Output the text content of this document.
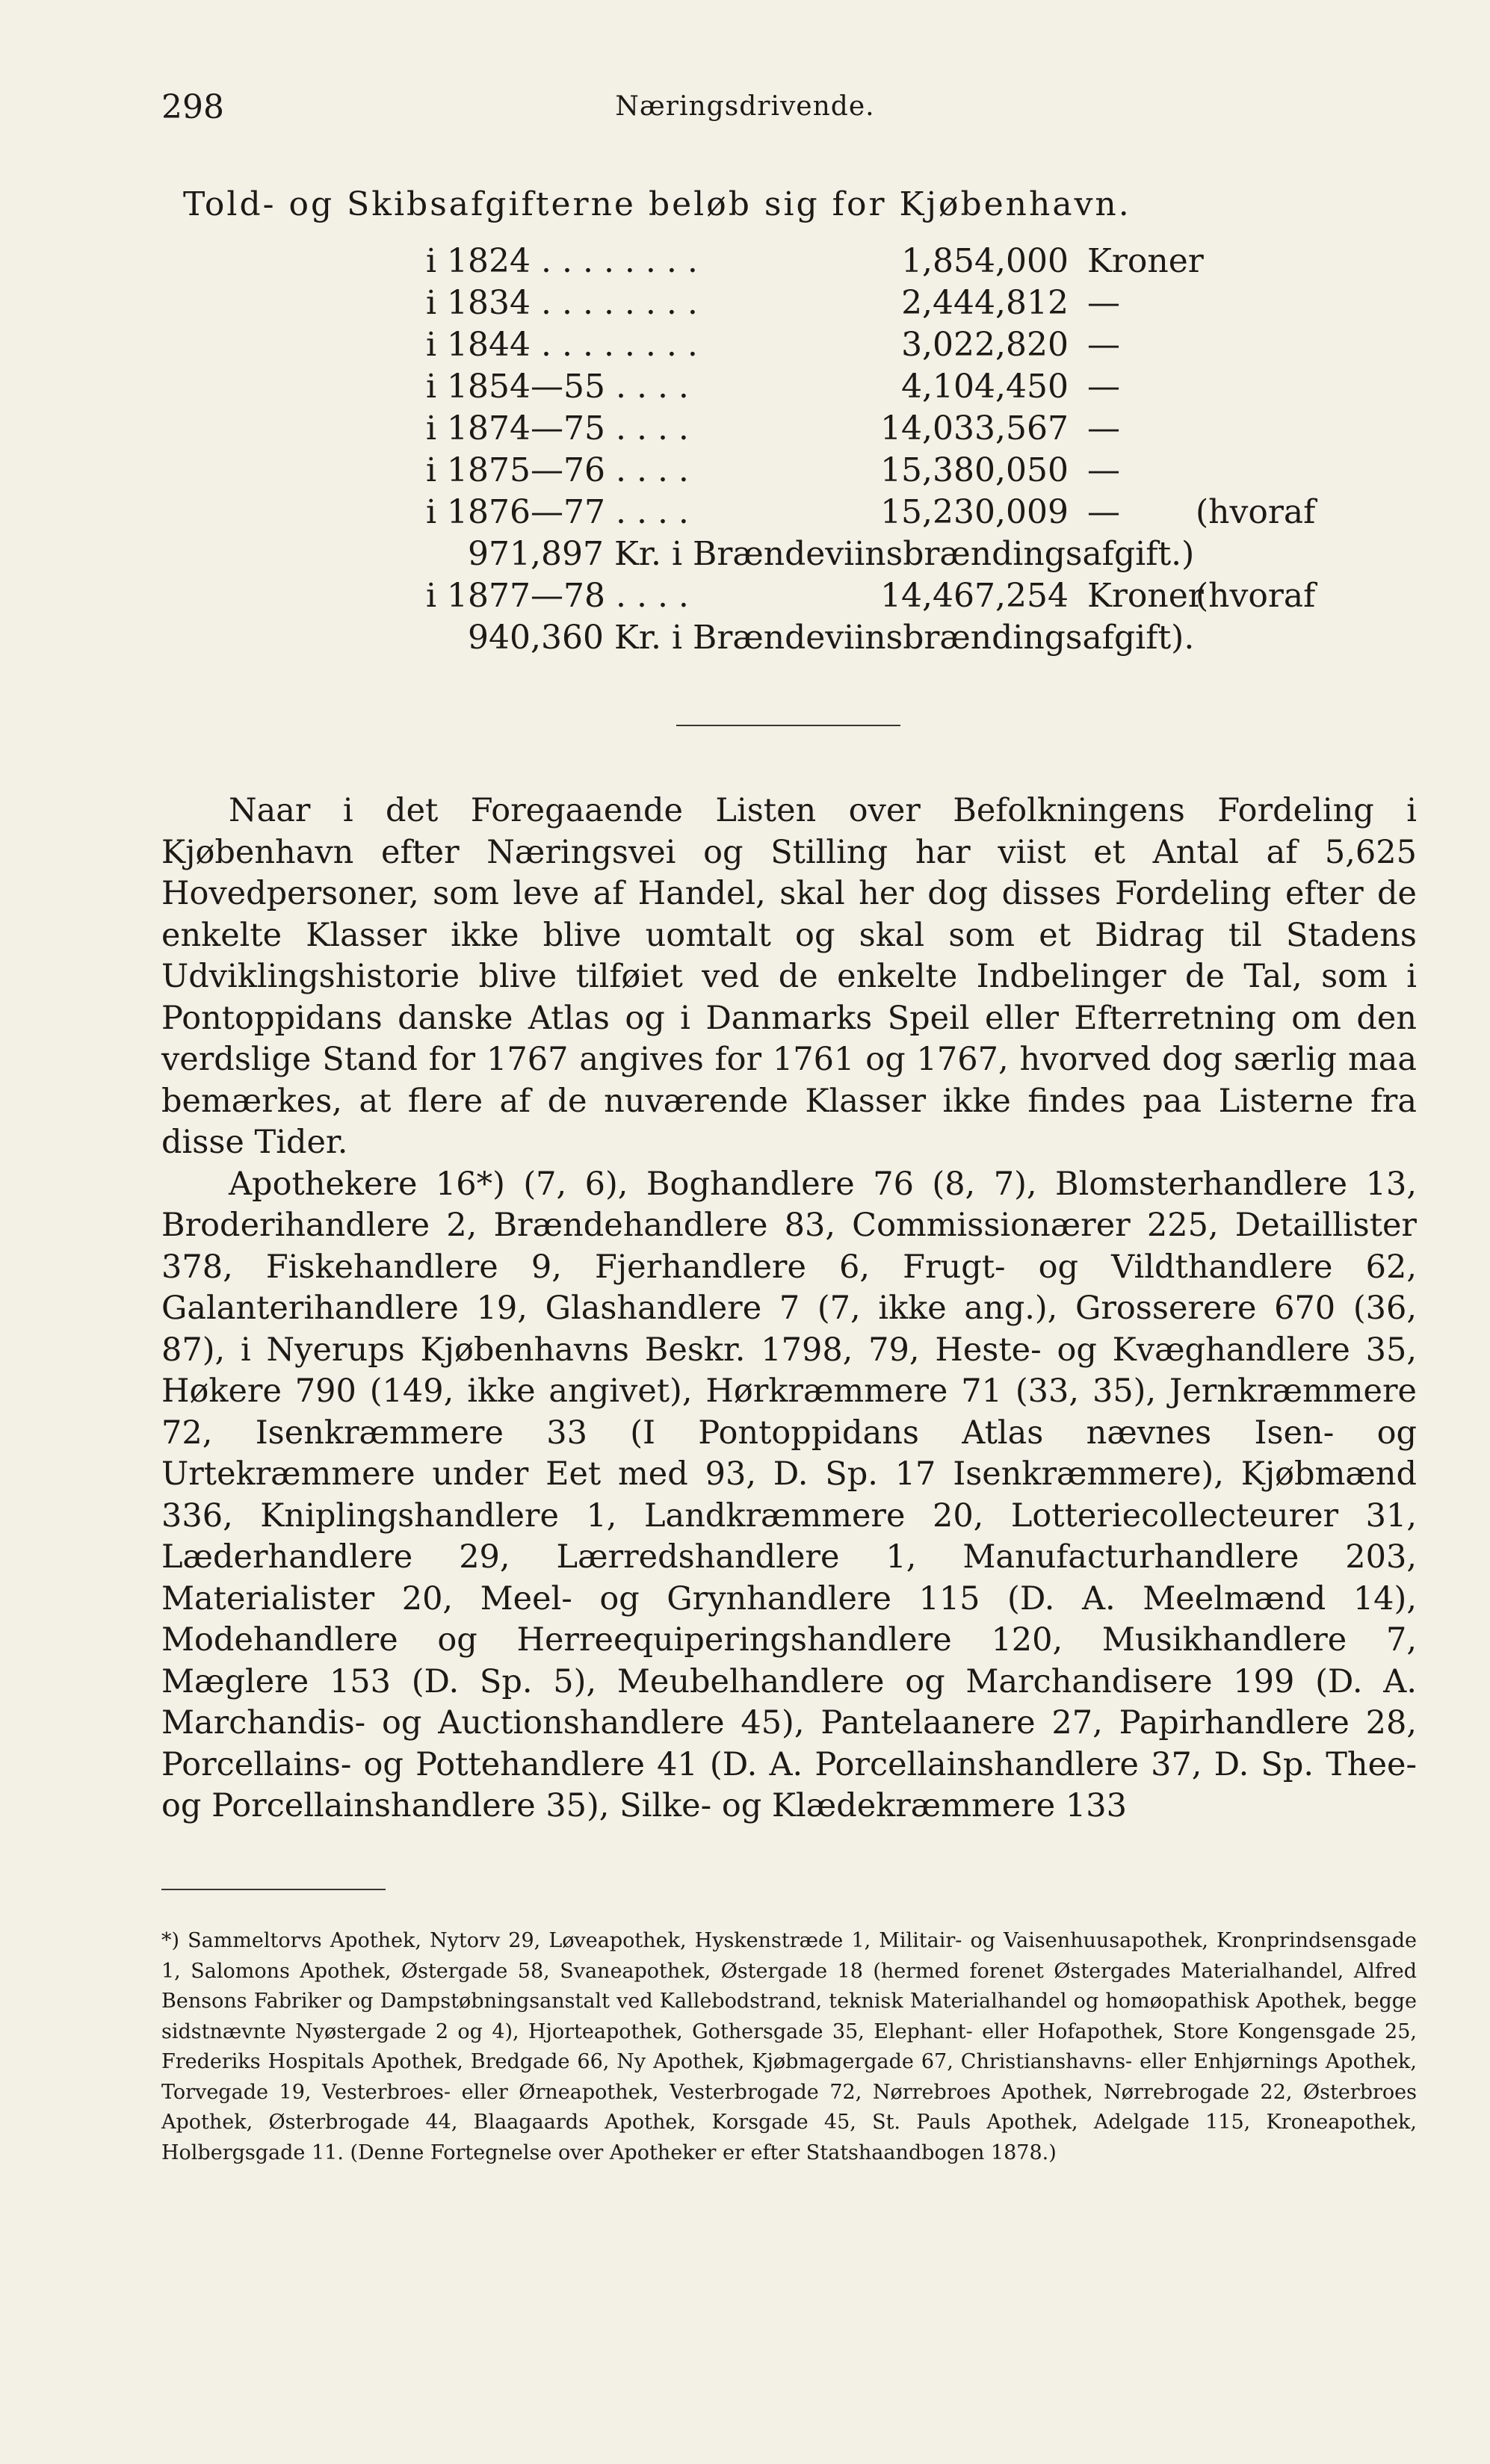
298	Næringsdrivende.
Told- og Skibsafgifterne beløb sig for Kjøbenhavn.
i 1824 . . . . . . . .	1,854,000 Kroner
i 1834 . . . . . . . .	2,444,812 —
i 1844 . . . . . . . .	3,022,820 —
i 1854—55 . . . .	4,104,450 —
i 1874—75 . . . .	14,033,567 —
i 1875—76 . . . .	15,380,050 —
i 1876—77 . . . .	15,230,009 — (hvoraf
971,897 Kr. i Brændeviinsbrændingsafgift.)
i 1877—78 . . . .	14,467,254 Kroner
(hvoraf
940,360 Kr. i Brændeviinsbrændingsafgift).

Naar i det Foregaaende Listen over Befolkningens Fordeling i Kjøbenhavn efter Næringsvei og Stilling har viist et Antal af 5,625 Hovedpersoner, som leve af Handel, skal her dog disses Fordeling efter de enkelte Klasser ikke blive uomtalt og skal som et Bidrag til Stadens Udviklingshistorie blive tilføiet ved de enkelte Indbelinger de Tal, som i Pontoppidans danske Atlas og i Danmarks Speil eller Efterretning om den verdslige Stand for 1767 angives for 1761 og 1767, hvorved dog særlig maa bemærkes, at flere af de nuværende Klasser ikke findes paa Listerne fra disse Tider.

Apothekere 16*) (7, 6), Boghandlere 76 (8, 7), Blomsterhandlere 13, Broderihandlere 2, Brændehandlere 83, Commissionærer 225, Detaillister 378, Fiskehandlere 9, Fjerhandlere 6, Frugt- og Vildthandlere 62, Galanterihandlere 19, Glashandlere 7 (7, ikke ang.), Grosserere 670 (36, 87), i Nyerups Kjøbenhavns Beskr. 1798, 79, Heste- og Kvæghandlere 35, Høkere 790 (149, ikke angivet), Hørkræmmere 71 (33, 35), Jernkræmmere 72, Isenkræmmere 33 (I Pontoppidans Atlas nævnes Isen- og Urtekræmmere under Eet med 93, D. Sp. 17 Isenkræmmere), Kjøbmænd 336, Kniplingshandlere 1, Landkræmmere 20, Lotteriecollecteurer 31, Læderhandlere 29, Lærredshandlere 1, Manufacturhandlere 203, Materialister 20, Meel- og Grynhandlere 115 (D. A. Meelmænd 14), Modehandlere og Herreequiperingshandlere 120, Musikhandlere 7, Mæglere 153 (D. Sp. 5), Meubelhandlere og Marchandisere 199 (D. A. Marchandis- og Auctionshandlere 45), Pantelaanere 27, Papirhandlere 28, Porcellains- og Pottehandlere 41 (D. A. Porcellainshandlere 37, D. Sp. Thee- og Porcellainshandlere 35), Silke- og Klædekræmmere 133

*) Sammeltorvs Apothek, Nytorv 29, Løveapothek, Hyskenstræde 1, Militair- og Vaisenhuusapothek, Kronprindsensgade 1, Salomons Apothek, Østergade 58, Svaneapothek, Østergade 18 (hermed forenet Østergades Materialhandel, Alfred Bensons Fabriker og Dampstøbningsanstalt ved Kallebodstrand, teknisk Materialhandel og homøopathisk Apothek, begge sidstnævnte Nyøstergade 2 og 4), Hjorteapothek, Gothersgade 35, Elephant- eller Hofapothek, Store Kongensgade 25, Frederiks Hospitals Apothek, Bredgade 66, Ny Apothek, Kjøbmagergade 67, Christianshavns- eller Enhjørnings Apothek, Torvegade 19, Vesterbroes- eller Ørneapothek, Vesterbrogade 72, Nørrebroes Apothek, Nørrebrogade 22, Østerbroes Apothek, Østerbrogade 44, Blaagaards Apothek, Korsgade 45, St. Pauls Apothek, Adelgade 115, Kroneapothek, Holbergsgade 11. (Denne Fortegnelse over Apotheker er efter Statshaandbogen 1878.)
